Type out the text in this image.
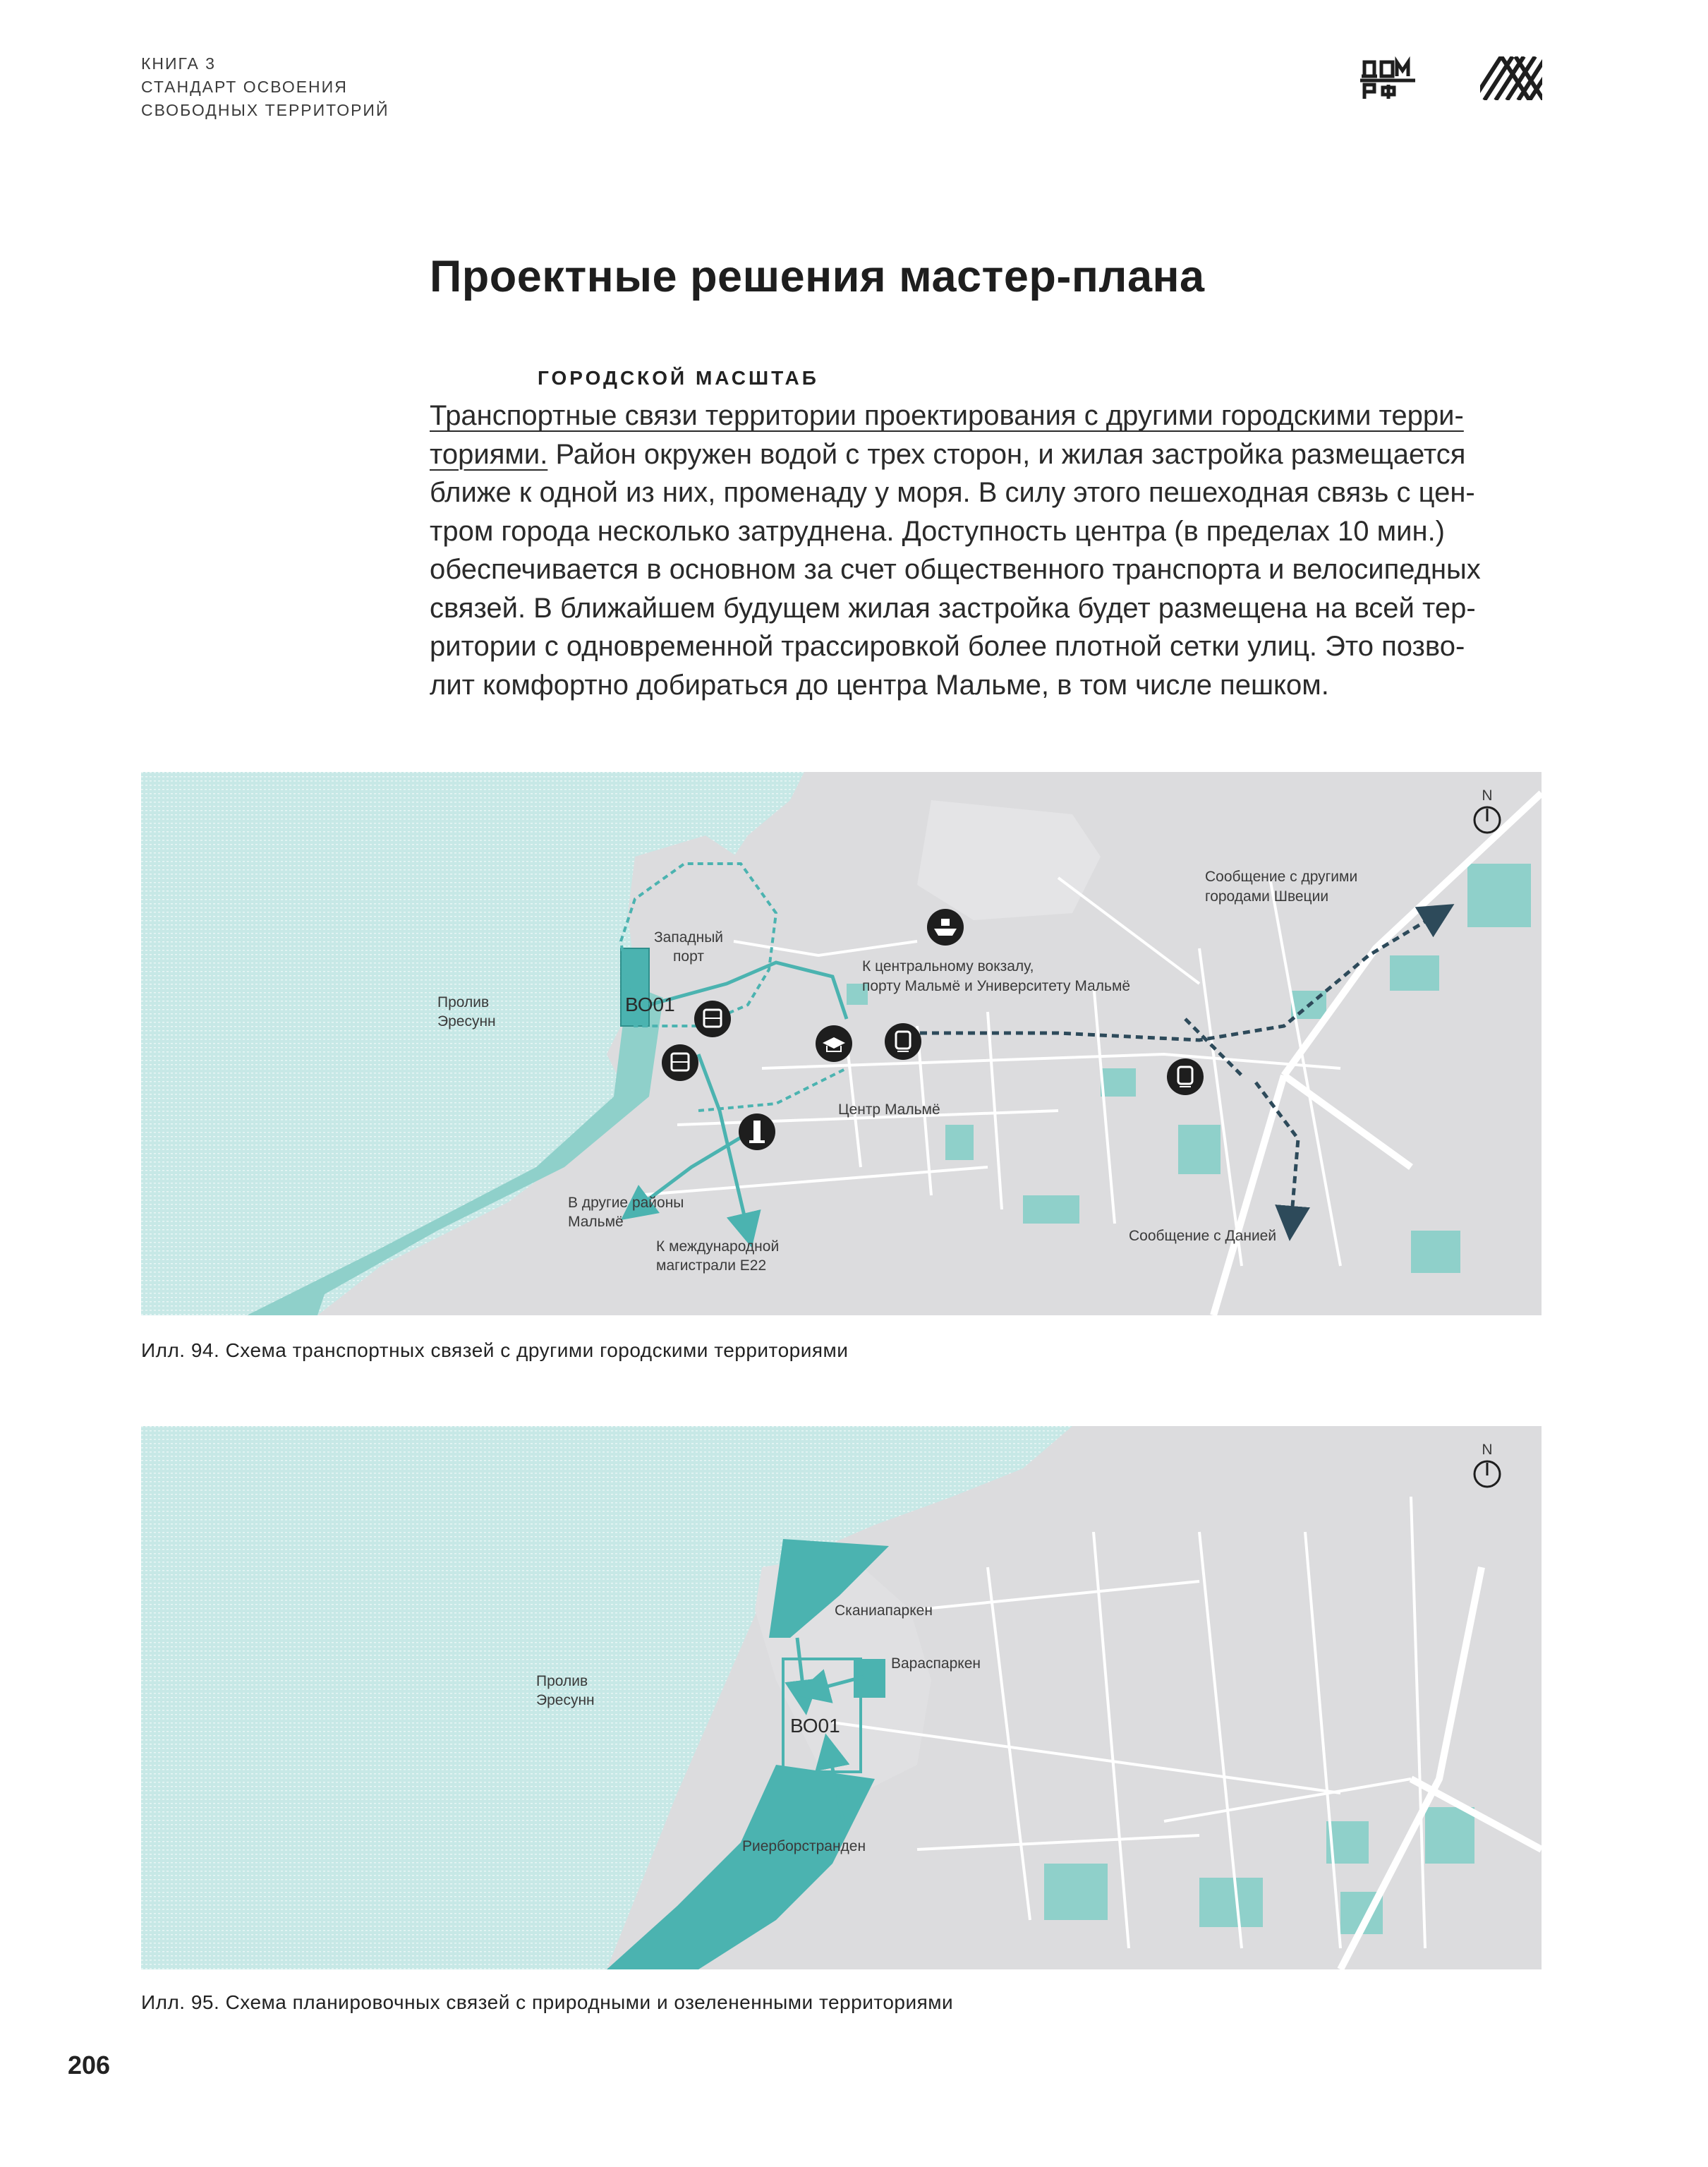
КНИГА 3
СТАНДАРТ ОСВОЕНИЯ
СВОБОДНЫХ ТЕРРИТОРИЙ
Проектные решения мастер-плана
ГОРОДСКОЙ МАСШТАБ
Транспортные связи территории проектирования с другими городскими терри-
ториями. Район окружен водой с трех сторон, и жилая застройка размещается
ближе к одной из них, променаду у моря. В силу этого пешеходная связь с цен-
тром города несколько затруднена. Доступность центра (в пределах 10 мин.)
обеспечивается в основном за счет общественного транспорта и велосипедных
связей. В ближайшем будущем жилая застройка будет размещена на всей тер-
ритории с одновременной трассировкой более плотной сетки улиц. Это позво-
лит комфортно добираться до центра Мальме, в том числе пешком.
N
Пролив
Эресунн
Западный
порт
ВО01
К центральному вокзалу,
порту Мальмё и Университету Мальмё
Сообщение с другими
городами Швеции
Центр Мальмё
В другие районы
Мальмё
К международной
магистрали Е22
Сообщение с Данией
Илл. 94. Схема транспортных связей с другими городскими территориями
ВО01
N
Пролив
Эресунн
Сканиапаркен
Вараспаркен
Риерборстранден
Илл. 95. Схема планировочных связей с природными и озелененными территориями
206
